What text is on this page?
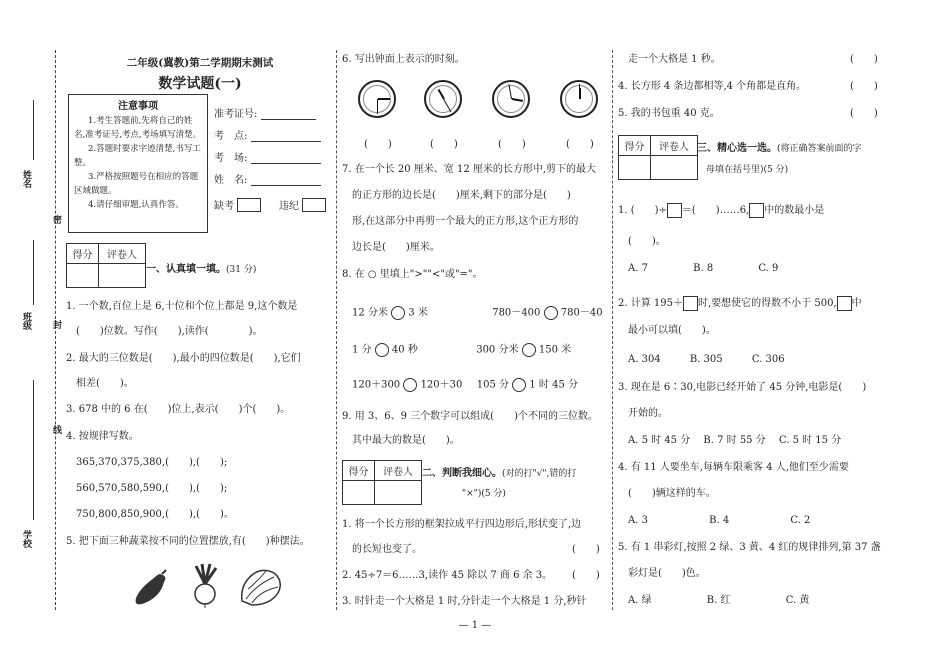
姓名
密
班级 封
线
学校
二年级(冀教)第二学期期末测试
数学试题(一)
注意事项
1.考生答题前,先将自己的姓名,准考证号,考点,考场填写清楚。
2.答题时要求字迹清楚,书写工整。
3.严格按照题号在相应的答题区域做题。
4.请仔细审题,认真作答。
准考证号:
考　点:
考　场:
姓　名:
缺考	违纪
得分	评卷人
一、认真填一填。(31 分)
1. 一个数,百位上是 6,十位和个位上都是 9,这个数是
(　　)位数。写作(　　),读作(　　　　)。
2. 最大的三位数是(　　),最小的四位数是(　　),它们
相差(　　)。
3. 678 中的 6 在(　　)位上,表示(　　)个(　　)。
4. 按规律写数。
365,370,375,380,(　　),(　　);
560,570,580,590,(　　),(　　);
750,800,850,900,(　　),(　　)。
5. 把下面三种蔬菜按不同的位置摆放,有(　　)种摆法。
6. 写出钟面上表示的时刻。
(　　)	(　　)	(　　)	(　　)
7. 在一个长 20 厘米、宽 12 厘米的长方形中,剪下的最大
的正方形的边长是(　　)厘米,剩下的部分是(　　)
形,在这部分中再剪一个最大的正方形,这个正方形的
边长是(　　)厘米。
8. 在 ○ 里填上">""<"或"="。
12 分米 3 米	780－400 780－40
1 分 40 秒	300 分米 150 米
120＋300 120＋30 105 分 1 时 45 分
9. 用 3、6、9 三个数字可以组成(　　)个不同的三位数。
其中最大的数是(　　)。
得分	评卷人 二、判断我细心。(对的打"√",错的打
"×")(5 分)
1. 将一个长方形的框架拉成平行四边形后,形状变了,边
的长短也变了。	(　　)
2. 45÷7＝6……3,读作 45 除以 7 商 6 余 3。 (　　)
3. 时针走一个大格是 1 时,分针走一个大格是 1 分,秒针
走一个大格是 1 秒。	(　　)
4. 长方形 4 条边都相等,4 个角都是直角。	(　　)
5. 我的书包重 40 克。	(　　)
得分	评卷人 三、精心选一选。(将正确答案前面的字
母填在括号里)(5 分)
1. (　　)÷ ＝(　　)……6, 中的数最小是
(　　)。
A. 7	B. 8	C. 9
2. 计算 195＋ 时,要想使它的得数不小于 500, 中
最小可以填(　　)。
A. 304	B. 305	C. 306
3. 现在是 6∶30,电影已经开始了 45 分钟,电影是(　　)
开始的。
A. 5 时 45 分 B. 7 时 55 分 C. 5 时 15 分
4. 有 11 人要坐车,每辆车限乘客 4 人,他们至少需要
(　　)辆这样的车。
A. 3	B. 4	C. 2
5. 有 1 串彩灯,按照 2 绿、3 黄、4 红的规律排列,第 37 盏
彩灯是(　　)色。
A. 绿	B. 红	C. 黄
— 1 —
